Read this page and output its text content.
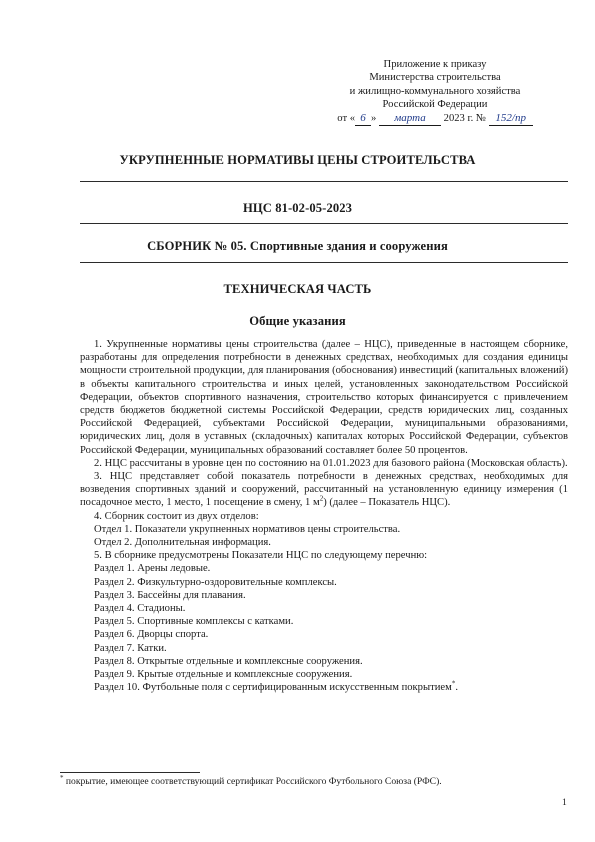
Приложение к приказу
Министерства строительства
и жилищно-коммунального хозяйства
Российской Федерации
от « 6 » марта 2023 г. № 152/пр
УКРУПНЕННЫЕ НОРМАТИВЫ ЦЕНЫ СТРОИТЕЛЬСТВА
НЦС 81-02-05-2023
СБОРНИК № 05. Спортивные здания и сооружения
ТЕХНИЧЕСКАЯ ЧАСТЬ
Общие указания

1. Укрупненные нормативы цены строительства (далее – НЦС), приведенные в настоящем сборнике, разработаны для определения потребности в денежных средствах, необходимых для создания единицы мощности строительной продукции, для планирования (обоснования) инвестиций (капитальных вложений) в объекты капитального строительства и иных целей, установленных законодательством Российской Федерации, объектов спортивного назначения, строительство которых финансируется с привлечением средств бюджетов бюджетной системы Российской Федерации, средств юридических лиц, созданных Российской Федерацией, субъектами Российской Федерации, муниципальными образованиями, юридических лиц, доля в уставных (складочных) капиталах которых Российской Федерации, субъектов Российской Федерации, муниципальных образований составляет более 50 процентов.

2. НЦС рассчитаны в уровне цен по состоянию на 01.01.2023 для базового района (Московская область).

3. НЦС представляет собой показатель потребности в денежных средствах, необходимых для возведения спортивных зданий и сооружений, рассчитанный на установленную единицу измерения (1 посадочное место, 1 место, 1 посещение в смену, 1 $м^2$) (далее – Показатель НЦС).

4. Сборник состоит из двух отделов:

Отдел 1. Показатели укрупненных нормативов цены строительства.

Отдел 2. Дополнительная информация.

5. В сборнике предусмотрены Показатели НЦС по следующему перечню:

Раздел 1. Арены ледовые.

Раздел 2. Физкультурно-оздоровительные комплексы.

Раздел 3. Бассейны для плавания.

Раздел 4. Стадионы.

Раздел 5. Спортивные комплексы с катками.

Раздел 6. Дворцы спорта.

Раздел 7. Катки.

Раздел 8. Открытые отдельные и комплексные сооружения.

Раздел 9. Крытые отдельные и комплексные сооружения.

Раздел 10. Футбольные поля с сертифицированным искусственным покрытием*.

* покрытие, имеющее соответствующий сертификат Российского Футбольного Союза (РФС).
1
